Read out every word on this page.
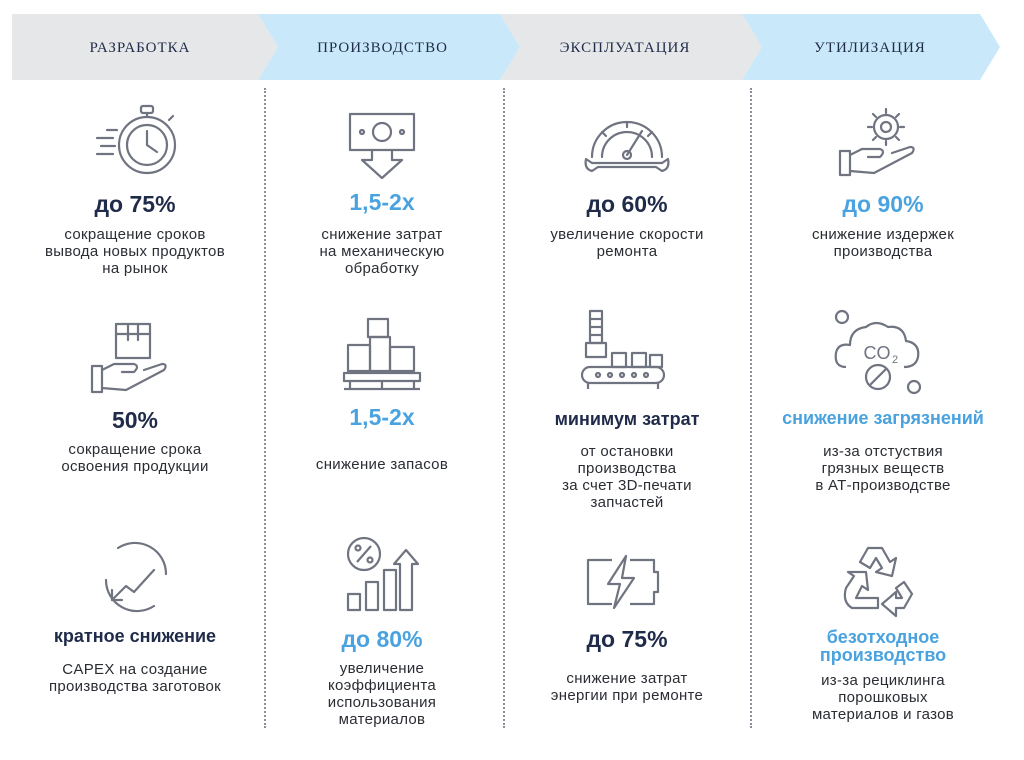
РАЗРАБОТКА	ПРОИЗВОДСТВО	ЭКСПЛУАТАЦИЯ	УТИЛИЗАЦИЯ
до 75%
сокращение сроков
вывода новых продуктов
на рынок
50%
сокращение срока
освоения продукции
кратное снижение
CAPEX на создание
производства заготовок
1,5-2x
снижение затрат
на механическую
обработку
1,5-2x
снижение запасов
до 80%
увеличение
коэффициента
использования
материалов
до 60%
увеличение скорости
ремонта
минимум затрат
от остановки
производства
за счет 3D-печати
запчастей
до 75%
снижение затрат
энергии при ремонте
до 90%
снижение издержек
производства
CO 2
снижение загрязнений
из-за отстуствия
грязных веществ
в АТ-производстве
безотходное
производство
из-за рециклинга
порошковых
материалов и газов
